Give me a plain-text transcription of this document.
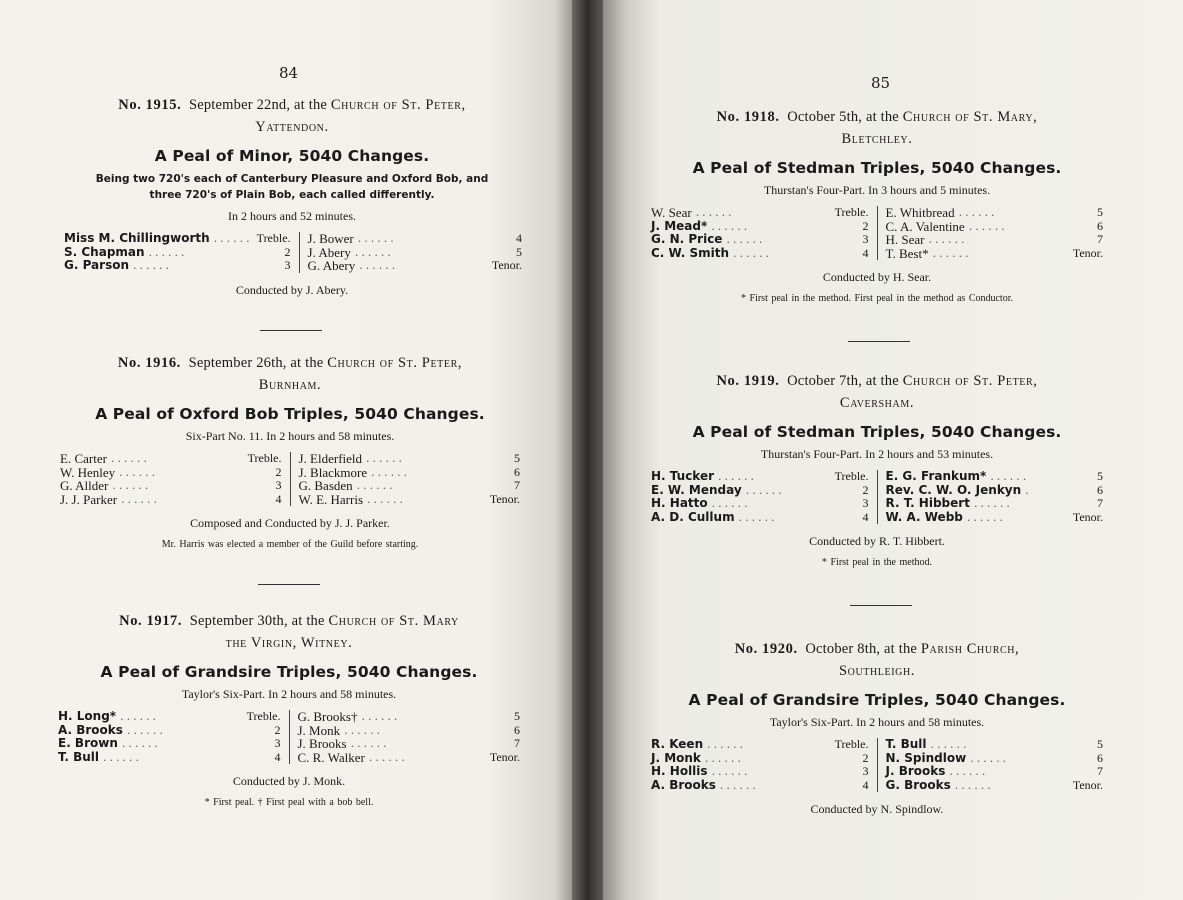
84
No. 1915. September 22nd, at the Church of St. Peter,
Yattendon.
A Peal of Minor, 5040 Changes.
Being two 720's each of Canterbury Pleasure and Oxford Bob, and three 720's of Plain Bob, each called differently.
In 2 hours and 52 minutes.
Miss M. Chillingworth ...... Treble.
S. Chapman ......	2
G. Parson ......	3
J. Bower ......	4
J. Abery ......	5
G. Abery ......	Tenor.
Conducted by J. Abery.
No. 1916. September 26th, at the Church of St. Peter,
Burnham.
A Peal of Oxford Bob Triples, 5040 Changes.
Six-Part No. 11. In 2 hours and 58 minutes.
E. Carter ......	Treble.
W. Henley ......	2
G. Allder ......	3
J. J. Parker ......	4
J. Elderfield ......	5
J. Blackmore ......	6
G. Basden ......	7
W. E. Harris ......	Tenor.
Composed and Conducted by J. J. Parker.
Mr. Harris was elected a member of the Guild before starting.
No. 1917. September 30th, at the Church of St. Mary
the Virgin, Witney.
A Peal of Grandsire Triples, 5040 Changes.
Taylor's Six-Part. In 2 hours and 58 minutes.
H. Long* ......	Treble.
A. Brooks ......	2
E. Brown ......	3
T. Bull ......	4
G. Brooks† ......	5
J. Monk ......	6
J. Brooks ......	7
C. R. Walker ......	Tenor.
Conducted by J. Monk.
* First peal. † First peal with a bob bell.
85
No. 1918. October 5th, at the Church of St. Mary,
Bletchley.
A Peal of Stedman Triples, 5040 Changes.
Thurstan's Four-Part. In 3 hours and 5 minutes.
W. Sear ......	Treble.
J. Mead* ......	2
G. N. Price ......	3
C. W. Smith ......	4
E. Whitbread ......	5
C. A. Valentine ......	6
H. Sear ......	7
T. Best* ......	Tenor.
Conducted by H. Sear.
* First peal in the method. First peal in the method as Conductor.
No. 1919. October 7th, at the Church of St. Peter,
Caversham.
A Peal of Stedman Triples, 5040 Changes.
Thurstan's Four-Part. In 2 hours and 53 minutes.
H. Tucker ......	Treble.
E. W. Menday ......	2
H. Hatto ......	3
A. D. Cullum ......	4
E. G. Frankum* ......	5
Rev. C. W. O. Jenkyn .	6
R. T. Hibbert ......	7
W. A. Webb ......	Tenor.
Conducted by R. T. Hibbert.
* First peal in the method.
No. 1920. October 8th, at the Parish Church,
Southleigh.
A Peal of Grandsire Triples, 5040 Changes.
Taylor's Six-Part. In 2 hours and 58 minutes.
R. Keen ......	Treble.
J. Monk ......	2
H. Hollis ......	3
A. Brooks ......	4
T. Bull ......	5
N. Spindlow ......	6
J. Brooks ......	7
G. Brooks ......	Tenor.
Conducted by N. Spindlow.
